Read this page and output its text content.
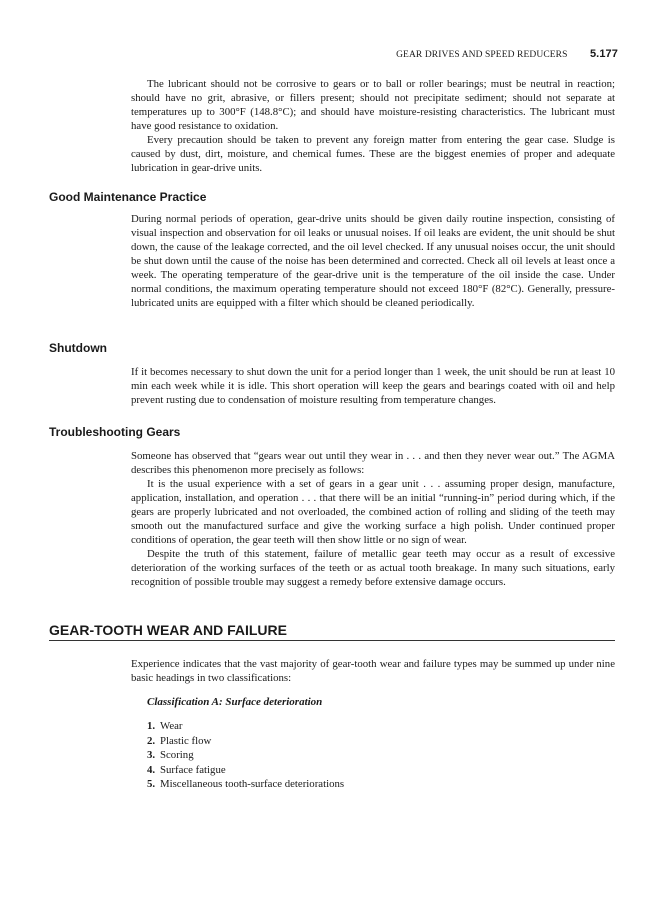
GEAR DRIVES AND SPEED REDUCERS 5.177

The lubricant should not be corrosive to gears or to ball or roller bearings; must be neutral in reaction; should have no grit, abrasive, or fillers present; should not precipitate sediment; should not separate at temperatures up to 300°F (148.8°C); and should have moisture-resisting characteristics. The lubricant must have good resistance to oxidation.

Every precaution should be taken to prevent any foreign matter from entering the gear case. Sludge is caused by dust, dirt, moisture, and chemical fumes. These are the biggest enemies of proper and adequate lubrication in gear-drive units.

Good Maintenance Practice

During normal periods of operation, gear-drive units should be given daily routine inspection, consisting of visual inspection and observation for oil leaks or unusual noises. If oil leaks are evident, the unit should be shut down, the cause of the leakage corrected, and the oil level checked. If any unusual noises occur, the unit should be shut down until the cause of the noise has been determined and corrected. Check all oil levels at least once a week. The operating temperature of the gear-drive unit is the temperature of the oil inside the case. Under normal conditions, the maximum operating temperature should not exceed 180°F (82°C). Generally, pressure-lubricated units are equipped with a filter which should be cleaned periodically.

Shutdown

If it becomes necessary to shut down the unit for a period longer than 1 week, the unit should be run at least 10 min each week while it is idle. This short operation will keep the gears and bearings coated with oil and help prevent rusting due to condensation of moisture resulting from temperature changes.

Troubleshooting Gears

Someone has observed that “gears wear out until they wear in . . . and then they never wear out.” The AGMA describes this phenomenon more precisely as follows:

It is the usual experience with a set of gears in a gear unit . . . assuming proper design, manufacture, application, installation, and operation . . . that there will be an initial “running-in” period during which, if the gears are properly lubricated and not overloaded, the combined action of rolling and sliding of the teeth may smooth out the manufactured surface and give the working surface a high polish. Under continued proper conditions of operation, the gear teeth will then show little or no sign of wear.

Despite the truth of this statement, failure of metallic gear teeth may occur as a result of excessive deterioration of the working surfaces of the teeth or as actual tooth breakage. In many such situations, early recognition of possible trouble may suggest a remedy before extensive damage occurs.

GEAR-TOOTH WEAR AND FAILURE

Experience indicates that the vast majority of gear-tooth wear and failure types may be summed up under nine basic headings in two classifications:

Classification A: Surface deterioration
1. Wear
2. Plastic flow
3. Scoring
4. Surface fatigue
5. Miscellaneous tooth-surface deteriorations
